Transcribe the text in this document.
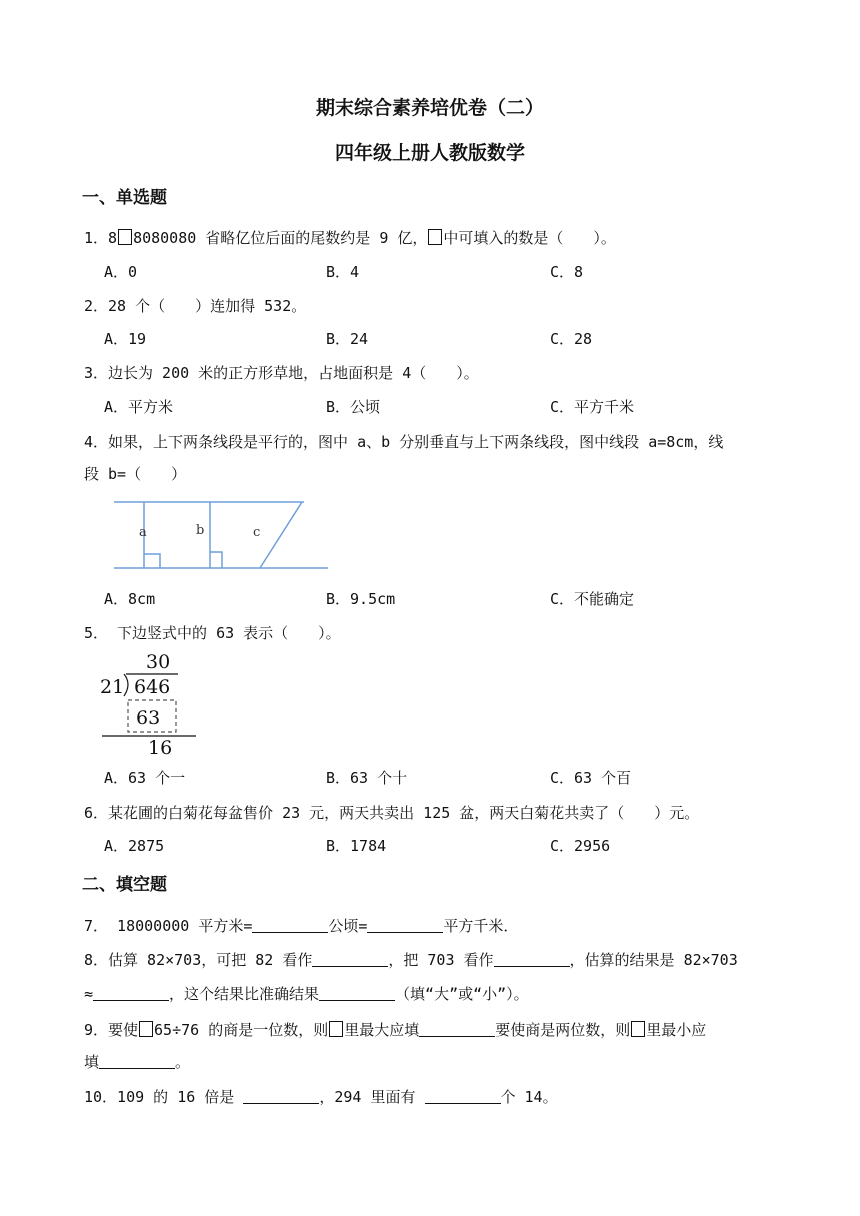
期末综合素养培优卷（二）
四年级上册人教版数学
一、单选题
1．8 8080080 省略亿位后面的尾数约是 9 亿， 中可填入的数是（　　）。
A．0	B．4	C．8
2．28 个（　　）连加得 532。
A．19	B．24	C．28
3．边长为 200 米的正方形草地，占地面积是 4（　　）。
A．平方米	B．公顷	C．平方千米
4．如果，上下两条线段是平行的，图中 a、b 分别垂直与上下两条线段，图中线段 a=8cm，线
段 b=（　　）
a	b	c
A．8cm	B．9.5cm	C．不能确定
5． 下边竖式中的 63 表示（　　）。
30
21 646
63
16
A．63 个一	B．63 个十	C．63 个百
6．某花圃的白菊花每盆售价 23 元，两天共卖出 125 盆，两天白菊花共卖了（　　）元。
A．2875	B．1784	C．2956
二、填空题
7． 18000000 平方米=	公顷=	平方千米．
8．估算 82×703，可把 82 看作	，把 703 看作	，估算的结果是 82×703
≈	，这个结果比准确结果	（填“大”或“小”）。
9．要使 65÷76 的商是一位数，则 里最大应填	要使商是两位数，则 里最小应
填	。
10．109 的 16 倍是	，294 里面有	个 14。
